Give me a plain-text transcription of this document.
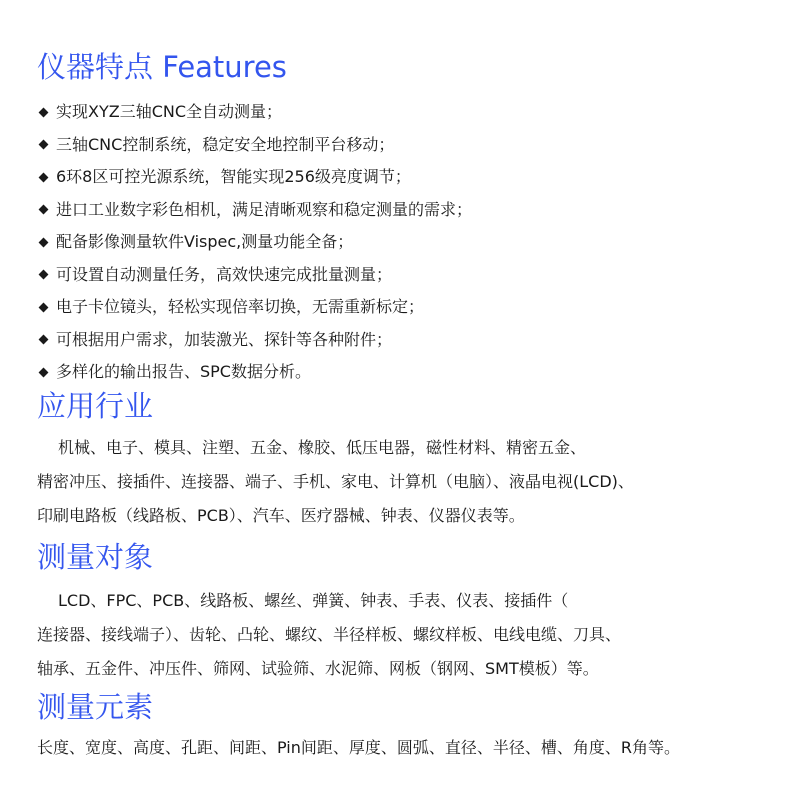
仪器特点 Features
实现XYZ三轴CNC全自动测量；
三轴CNC控制系统，稳定安全地控制平台移动；
6环8区可控光源系统，智能实现256级亮度调节；
进口工业数字彩色相机，满足清晰观察和稳定测量的需求；
配备影像测量软件Vispec,测量功能全备；
可设置自动测量任务，高效快速完成批量测量；
电子卡位镜头，轻松实现倍率切换，无需重新标定；
可根据用户需求，加装激光、探针等各种附件；
多样化的输出报告、SPC数据分析。
应用行业
机械、电子、模具、注塑、五金、橡胶、低压电器，磁性材料、精密五金、
精密冲压、接插件、连接器、端子、手机、家电、计算机（电脑）、液晶电视(LCD)、
印刷电路板（线路板、PCB）、汽车、医疗器械、钟表、仪器仪表等。
测量对象
LCD、FPC、PCB、线路板、螺丝、弹簧、钟表、手表、仪表、接插件（
连接器、接线端子）、齿轮、凸轮、螺纹、半径样板、螺纹样板、电线电缆、刀具、
轴承、五金件、冲压件、筛网、试验筛、水泥筛、网板（钢网、SMT模板）等。
测量元素
长度、宽度、高度、孔距、间距、Pin间距、厚度、圆弧、直径、半径、槽、角度、R角等。
